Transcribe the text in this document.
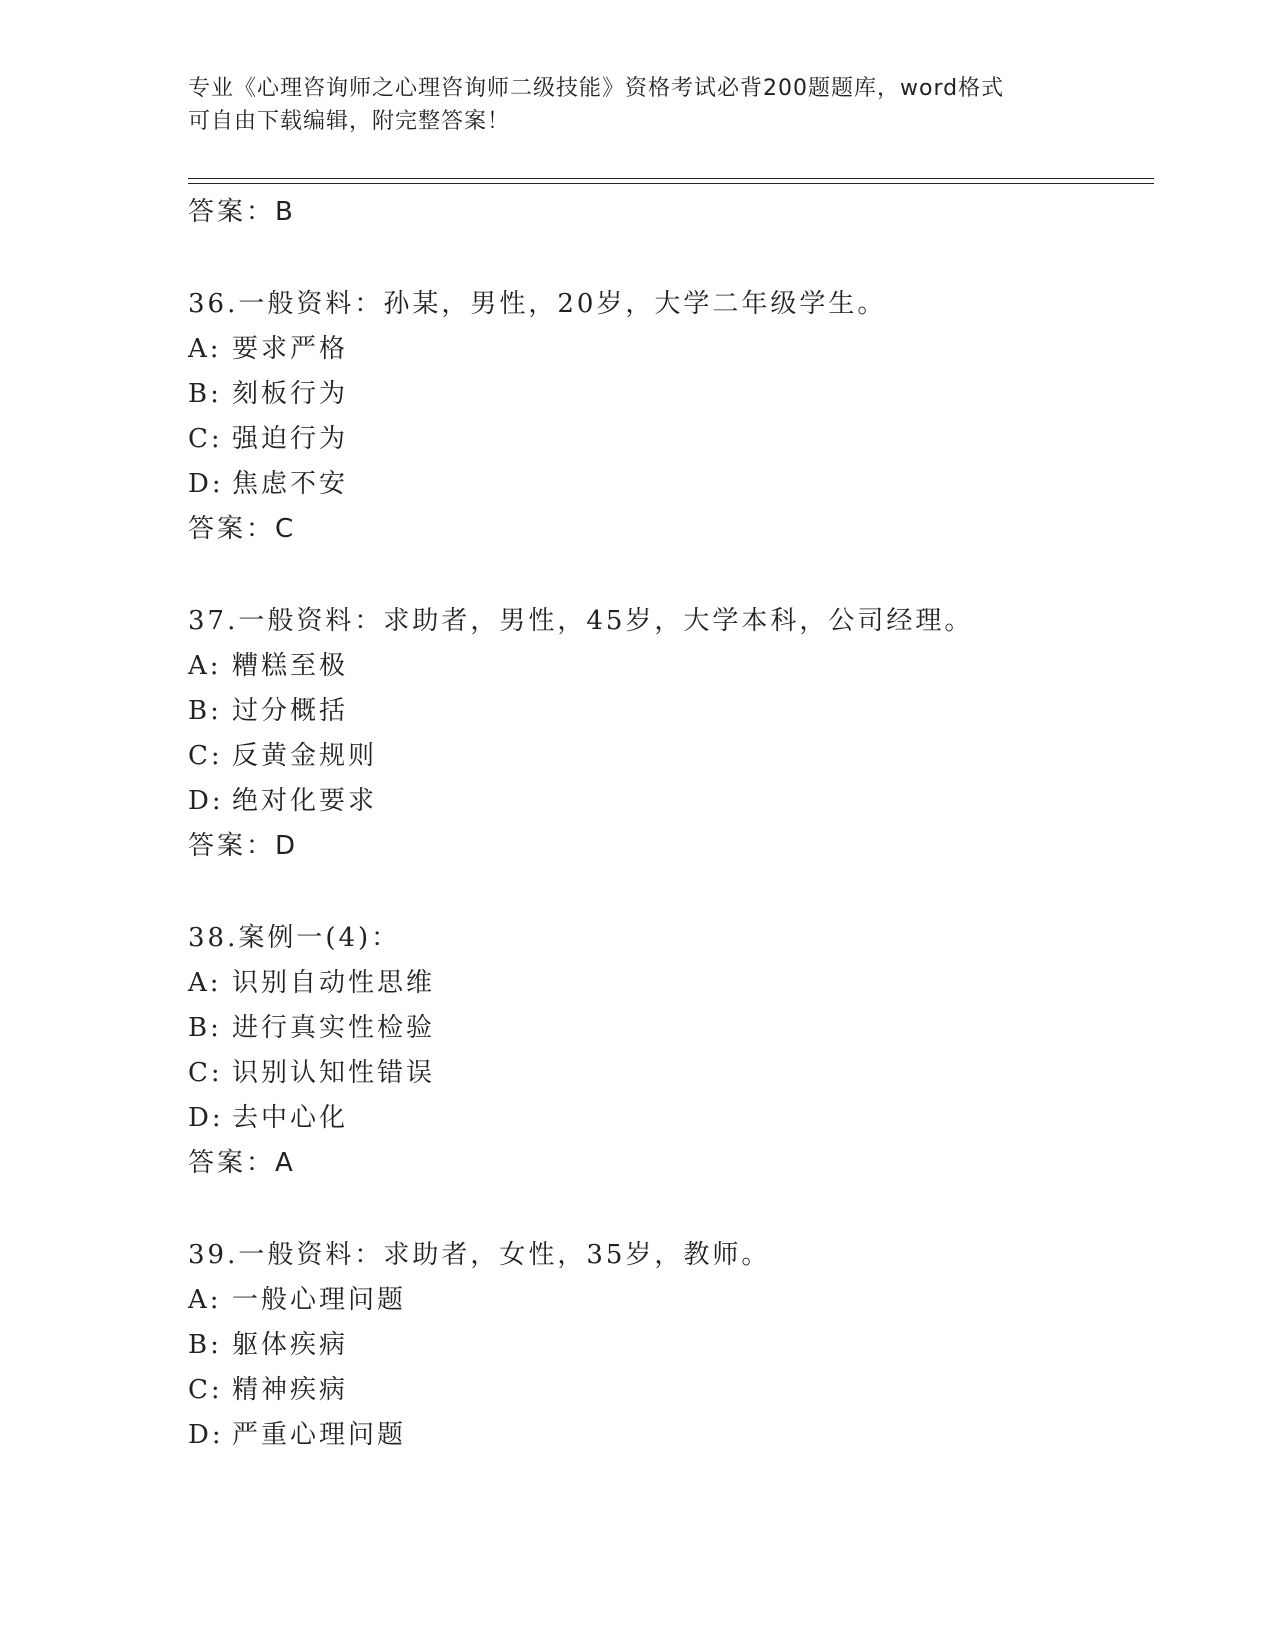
专业《心理咨询师之心理咨询师二级技能》资格考试必背200题题库，word格式
可自由下载编辑，附完整答案！
答案：B
36.一般资料：孙某，男性，20岁，大学二年级学生。
A: 要求严格
B: 刻板行为
C: 强迫行为
D: 焦虑不安
答案：C
37.一般资料：求助者，男性，45岁，大学本科，公司经理。
A: 糟糕至极
B: 过分概括
C: 反黄金规则
D: 绝对化要求
答案：D
38.案例一(4)：
A: 识别自动性思维
B: 进行真实性检验
C: 识别认知性错误
D: 去中心化
答案：A
39.一般资料：求助者，女性，35岁，教师。
A: 一般心理问题
B: 躯体疾病
C: 精神疾病
D: 严重心理问题
